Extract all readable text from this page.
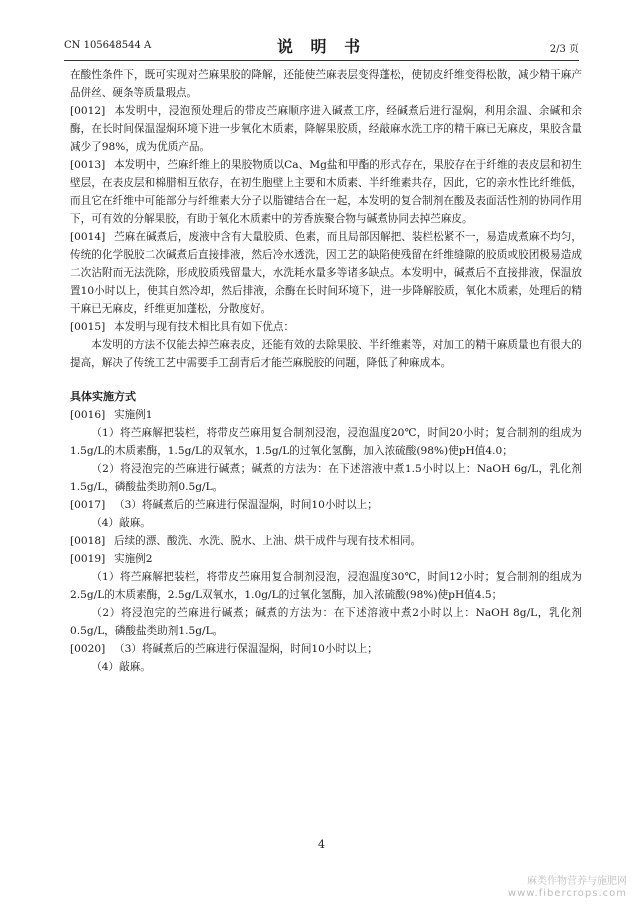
CN 105648544 A	说 明 书	2/3 页

在酸性条件下，既可实现对苎麻果胶的降解，还能使苎麻表层变得蓬松，使韧皮纤维变得松散，减少精干麻产品併丝、硬条等质量瑕点。

[0012] 本发明中，浸泡预处理后的带皮苎麻顺序进入碱煮工序，经碱煮后进行湿焖，利用余温、余碱和余酶，在长时间保温湿焖环境下进一步氧化木质素，降解果胶质，经敲麻水洗工序的精干麻已无麻皮，果胶含量减少了98%，成为优质产品。

[0013] 本发明中，苎麻纤维上的果胶物质以Ca、Mg盐和甲酯的形式存在，果胶存在于纤维的表皮层和初生壁层，在表皮层和棉腊相互依存，在初生胞壁上主要和木质素、半纤维素共存，因此，它的亲水性比纤维低，而且它在纤维中可能部分与纤维素大分子以脂键结合在一起，本发明的复合制剂在酸及表面活性剂的协同作用下，可有效的分解果胶，有助于氧化木质素中的芳香族聚合物与碱煮协同去掉苎麻皮。

[0014] 苎麻在碱煮后，废液中含有大量胶质、色素，而且局部因解把、装栏松紧不一，易造成煮麻不均匀，传统的化学脱胶二次碱煮后直接排液，然后冷水透洗，因工艺的缺陷使残留在纤维缝隙的胶质或胶团极易造成二次沾附而无法洗除，形成胶质残留量大，水洗耗水量多等诸多缺点。本发明中，碱煮后不直接排液，保温放置10小时以上，使其自然冷却，然后排液，余酶在长时间环境下，进一步降解胶质，氧化木质素，处理后的精干麻已无麻皮，纤维更加蓬松，分散度好。

[0015] 本发明与现有技术相比具有如下优点：

本发明的方法不仅能去掉苎麻表皮，还能有效的去除果胶、半纤维素等，对加工的精干麻质量也有很大的提高，解决了传统工艺中需要手工刮青后才能苎麻脱胶的问题，降低了种麻成本。

具体实施方式

[0016] 实施例1

（1）将苎麻解把装栏，将带皮苎麻用复合制剂浸泡，浸泡温度20℃，时间20小时；复合制剂的组成为1.5g/L的木质素酶，1.5g/L的双氧水，1.5g/L的过氧化氢酶，加入浓硫酸(98%)使pH值4.0；

（2）将浸泡完的苎麻进行碱煮；碱煮的方法为：在下述溶液中煮1.5小时以上：NaOH 6g/L，乳化剂1.5g/L，磷酸盐类助剂0.5g/L。

[0017] （3）将碱煮后的苎麻进行保温湿焖，时间10小时以上；

（4）敲麻。

[0018] 后续的漂、酸洗、水洗、脱水、上油、烘干成件与现有技术相同。

[0019] 实施例2

（1）将苎麻解把装栏，将带皮苎麻用复合制剂浸泡，浸泡温度30℃，时间12小时；复合制剂的组成为2.5g/L的木质素酶，2.5g/L双氧水，1.0g/L的过氧化氢酶，加入浓硫酸(98%)使pH值4.5；

（2）将浸泡完的苎麻进行碱煮；碱煮的方法为：在下述溶液中煮2小时以上：NaOH 8g/L，乳化剂0.5g/L，磷酸盐类助剂1.5g/L。

[0020] （3）将碱煮后的苎麻进行保温湿焖，时间10小时以上；

（4）敲麻。

4
麻类作物营养与施肥网
www.fibercrops.com
